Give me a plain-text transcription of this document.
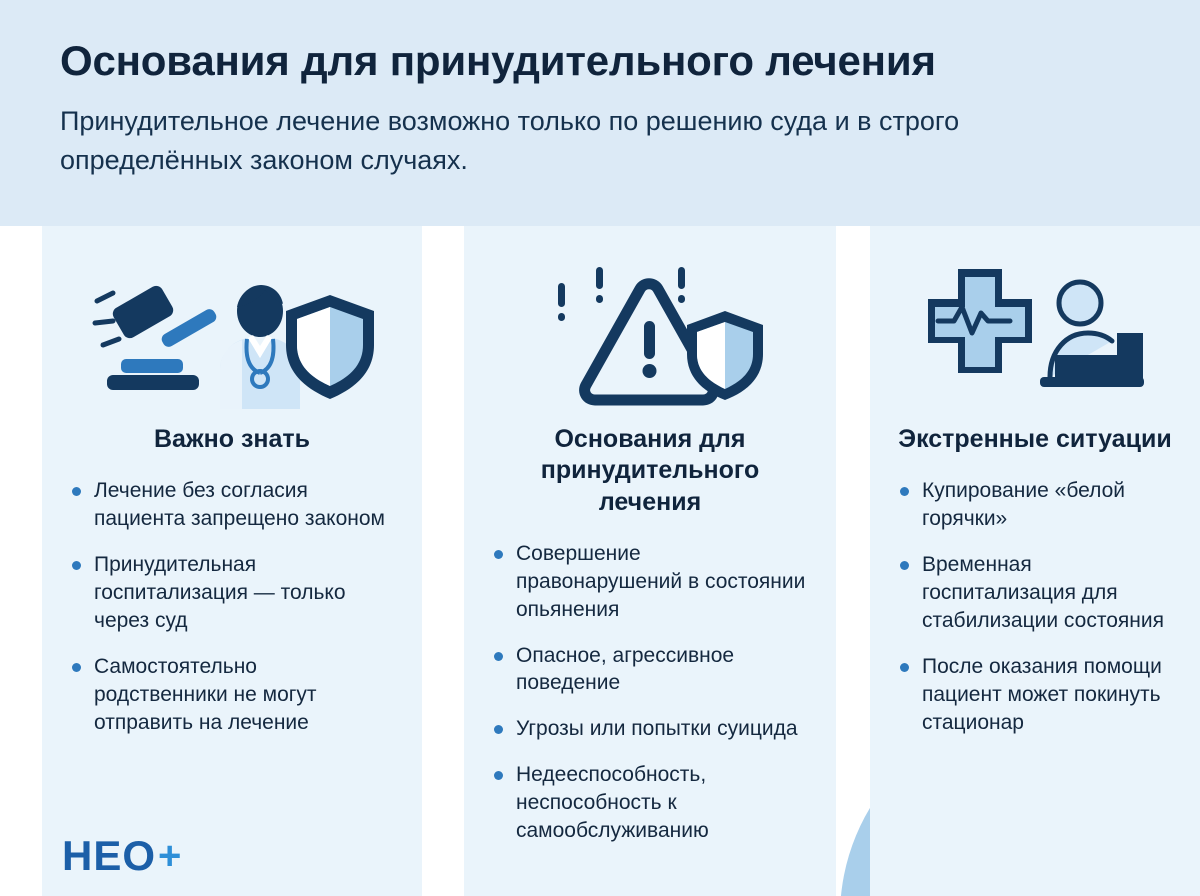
Основания для принудительного лечения
Принудительное лечение возможно только по решению суда и в строго определённых законом случаях.
Важно знать
Лечение без согласия пациента запрещено законом
Принудительная госпитализация — только через суд
Самостоятельно родственники не могут отправить на лечение
Основания для принудительного лечения
Совершение правонарушений в состоянии опьянения
Опасное, агрессивное поведение
Угрозы или попытки суицида
Недееспособность, неспособность к самообслуживанию
Экстренные ситуации
Купирование «белой горячки»
Временная госпитализация для стабилизации состояния
После оказания помощи пациент может покинуть стационар
НЕО +
